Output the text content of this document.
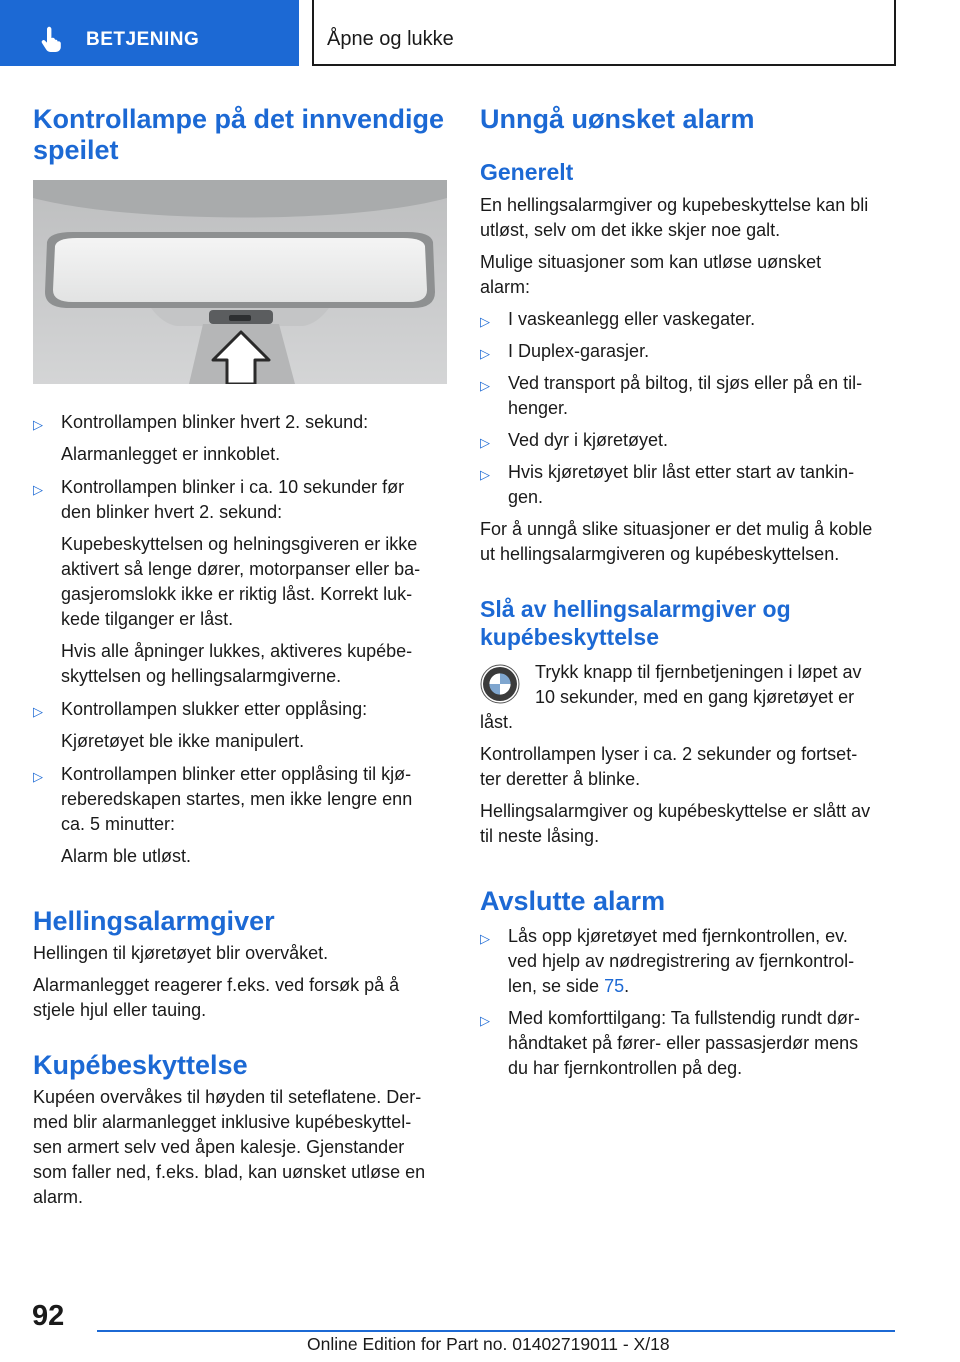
BETJENING	Åpne og lukke
Kontrollampe på det innvendige speilet
▷ Kontrollampen blinker hvert 2. sekund:
Alarmanlegget er innkoblet.
▷ Kontrollampen blinker i ca. 10 sekunder før
den blinker hvert 2. sekund:
Kupebeskyttelsen og helningsgiveren er ikke
aktivert så lenge dører, motorpanser eller ba‐
gasjeromslokk ikke er riktig låst. Korrekt luk‐
kede tilganger er låst.
Hvis alle åpninger lukkes, aktiveres kupébe‐
skyttelsen og hellingsalarmgiverne.
▷ Kontrollampen slukker etter opplåsing:
Kjøretøyet ble ikke manipulert.
▷ Kontrollampen blinker etter opplåsing til kjø‐
reberedskapen startes, men ikke lengre enn
ca. 5 minutter:
Alarm ble utløst.
Hellingsalarmgiver

Hellingen til kjøretøyet blir overvåket.

Alarmanlegget reagerer f.eks. ved forsøk på å

stjele hjul eller tauing.

Kupébeskyttelse

Kupéen overvåkes til høyden til seteflatene. Der‐

med blir alarmanlegget inklusive kupébeskyttel‐

sen armert selv ved åpen kalesje. Gjenstander

som faller ned, f.eks. blad, kan uønsket utløse en

alarm.

Unngå uønsket alarm
Generelt

En hellingsalarmgiver og kupebeskyttelse kan bli

utløst, selv om det ikke skjer noe galt.

Mulige situasjoner som kan utløse uønsket

alarm:

▷ I vaskeanlegg eller vaskegater.
▷ I Duplex-garasjer.
▷ Ved transport på biltog, til sjøs eller på en til‐
henger.
▷ Ved dyr i kjøretøyet.
▷ Hvis kjøretøyet blir låst etter start av tankin‐
gen.

For å unngå slike situasjoner er det mulig å koble

ut hellingsalarmgiveren og kupébeskyttelsen.

Slå av hellingsalarmgiver og
kupébeskyttelse
Trykk knapp til fjernbetjeningen i løpet av
10 sekunder, med en gang kjøretøyet er

låst.

Kontrollampen lyser i ca. 2 sekunder og fortset‐

ter deretter å blinke.

Hellingsalarmgiver og kupébeskyttelse er slått av

til neste låsing.

Avslutte alarm
▷ Lås opp kjøretøyet med fjernkontrollen, ev.
ved hjelp av nødregistrering av fjernkontrol‐
len, se side 75.
▷ Med komforttilgang: Ta fullstendig rundt dør‐
håndtaket på fører- eller passasjerdør mens
du har fjernkontrollen på deg.
92
Online Edition for Part no. 01402719011 - X/18
